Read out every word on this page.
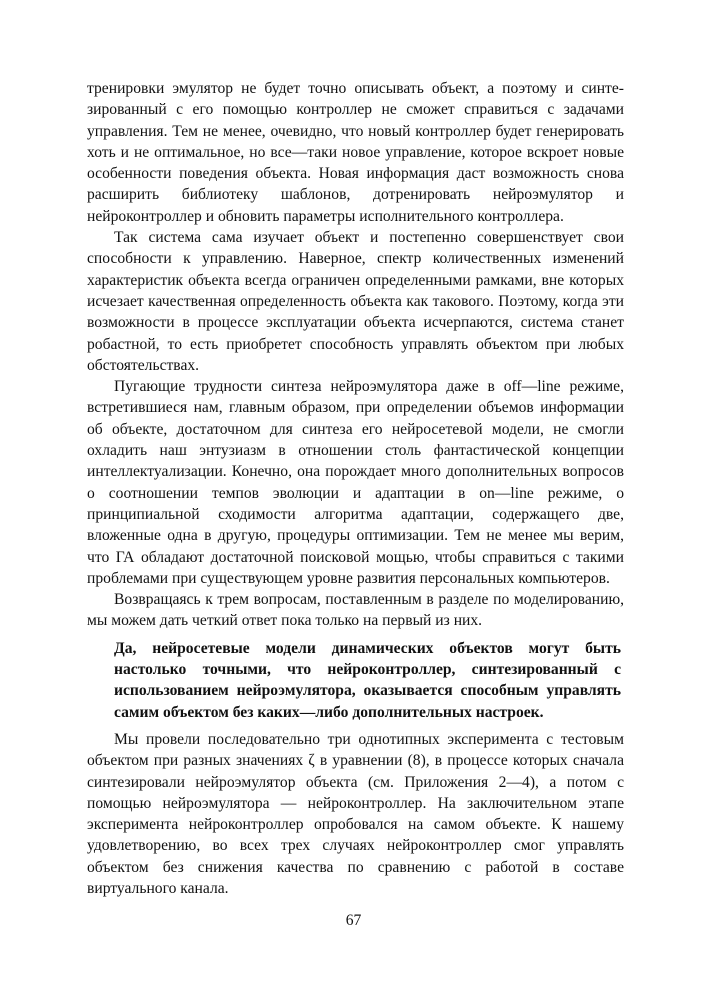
тренировки эмулятор не будет точно описывать объект, а поэтому и синтезированный с его помощью контроллер не сможет справиться с задачами управления. Тем не менее, очевидно, что новый контроллер будет генерировать хоть и не оптимальное, но все—таки новое управление, которое вскроет новые особенности поведения объекта. Новая информация даст возможность снова расширить библиотеку шаблонов, дотренировать нейроэмулятор и нейроконтроллер и обновить параметры исполнительного контроллера.

Так система сама изучает объект и постепенно совершенствует свои способности к управлению. Наверное, спектр количественных изменений характеристик объекта всегда ограничен определенными рамками, вне которых исчезает качественная определенность объекта как такового. Поэтому, когда эти возможности в процессе эксплуатации объекта исчерпаются, система станет робастной, то есть приобретет способность управлять объектом при любых обстоятельствах.

Пугающие трудности синтеза нейроэмулятора даже в off—line режиме, встретившиеся нам, главным образом, при определении объемов информации об объекте, достаточном для синтеза его нейросетевой модели, не смогли охладить наш энтузиазм в отношении столь фантастической концепции интеллектуализации. Конечно, она порождает много дополнительных вопросов о соотношении темпов эволюции и адаптации в on—line режиме, о принципиальной сходимости алгоритма адаптации, содержащего две, вложенные одна в другую, процедуры оптимизации. Тем не менее мы верим, что ГА обладают достаточной поисковой мощью, чтобы справиться с такими проблемами при существующем уровне развития персональных компьютеров.

Возвращаясь к трем вопросам, поставленным в разделе по моделированию, мы можем дать четкий ответ пока только на первый из них.

Да, нейросетевые модели динамических объектов могут быть настолько точными, что нейроконтроллер, синтезированный с использованием нейроэмулятора, оказывается способным управлять самим объектом без каких—либо дополнительных настроек.

Мы провели последовательно три однотипных эксперимента с тестовым объектом при разных значениях ζ в уравнении (8), в процессе которых сначала синтезировали нейроэмулятор объекта (см. Приложения 2—4), а потом с помощью нейроэмулятора — нейроконтроллер. На заключительном этапе эксперимента нейроконтроллер опробовался на самом объекте. К нашему удовлетворению, во всех трех случаях нейроконтроллер смог управлять объектом без снижения качества по сравнению с работой в составе виртуального канала.

67
